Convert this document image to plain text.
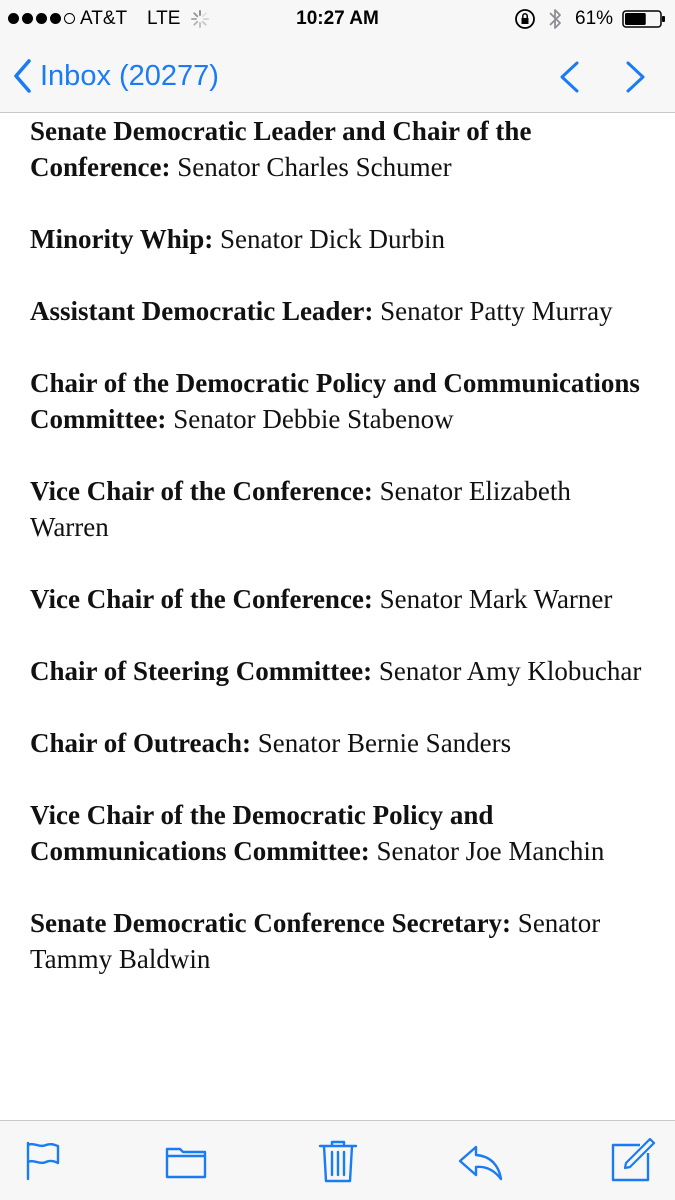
AT&T LTE	10:27 AM	61%
Inbox (20277)
Senate Democratic Leader and Chair of the Conference: Senator Charles Schumer
Minority Whip: Senator Dick Durbin
Assistant Democratic Leader: Senator Patty Murray
Chair of the Democratic Policy and Communications Committee: Senator Debbie Stabenow
Vice Chair of the Conference: Senator Elizabeth Warren
Vice Chair of the Conference: Senator Mark Warner
Chair of Steering Committee: Senator Amy Klobuchar
Chair of Outreach: Senator Bernie Sanders
Vice Chair of the Democratic Policy and Communications Committee: Senator Joe Manchin
Senate Democratic Conference Secretary: Senator Tammy Baldwin
